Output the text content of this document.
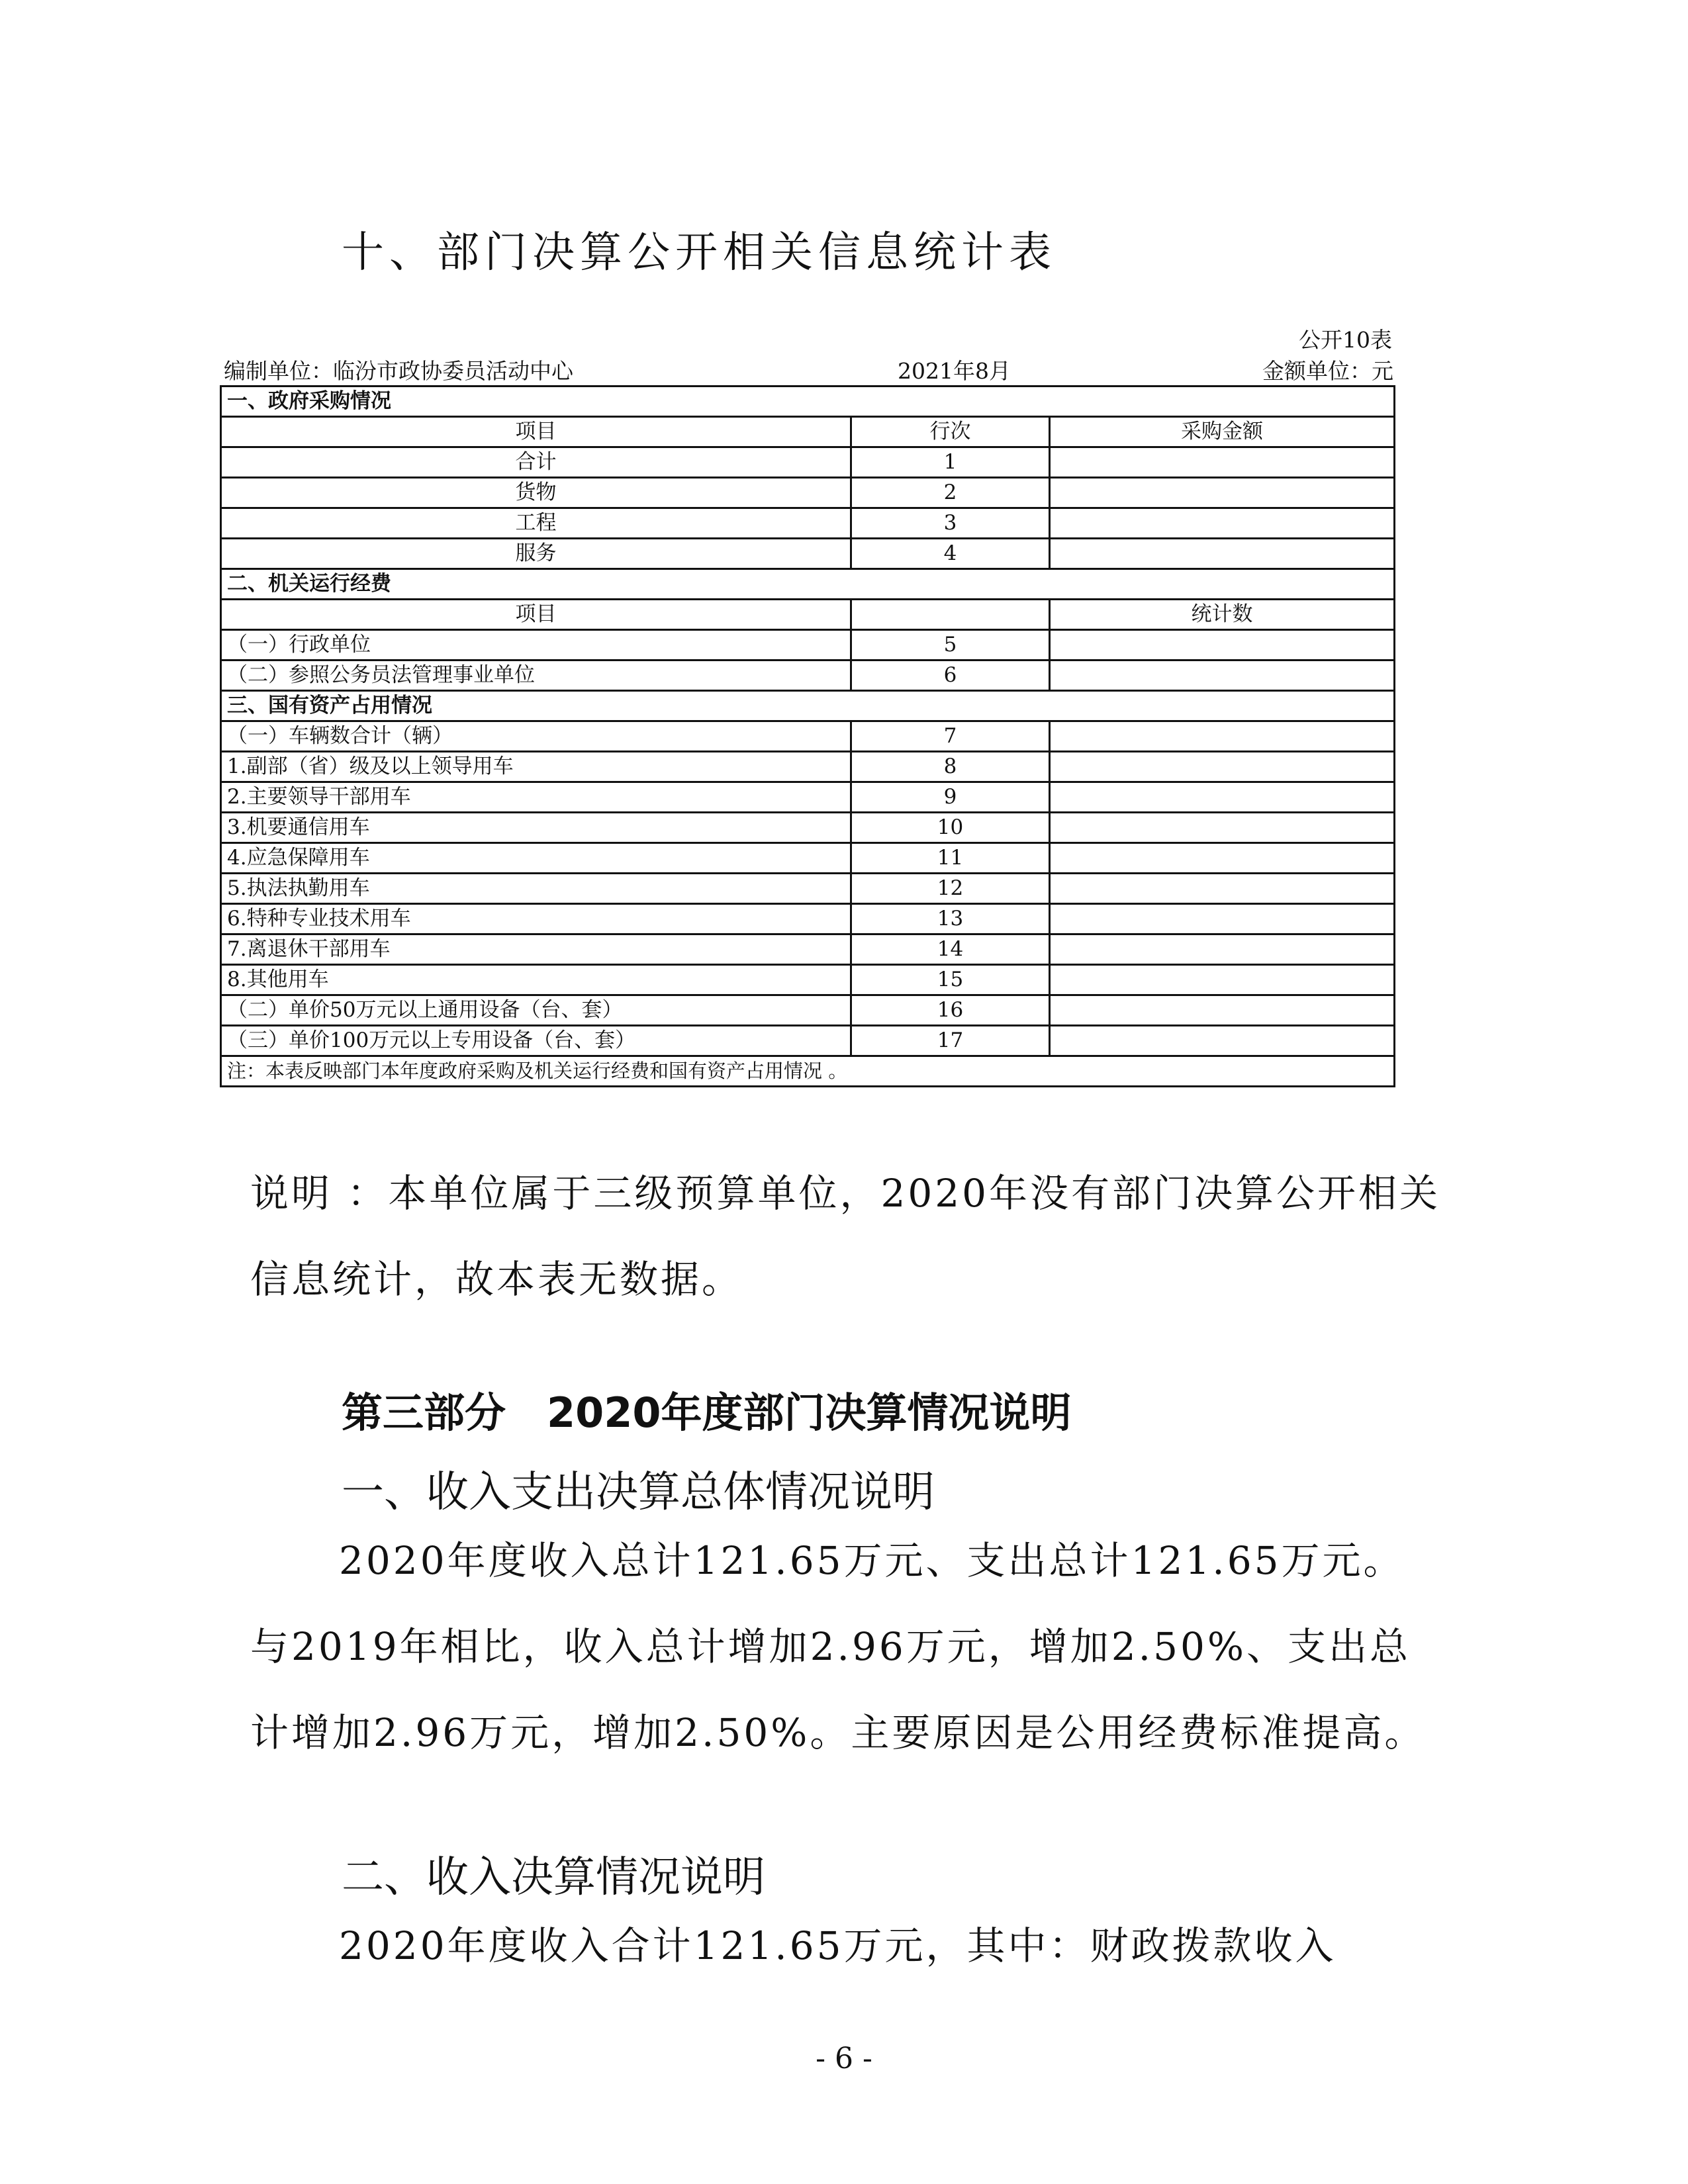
十、部门决算公开相关信息统计表
公开10表
编制单位：临汾市政协委员活动中心	2021年8月	金额单位：元
一、政府采购情况		
项目	行次	采购金额
合计	1	
货物	2	
工程	3	
服务	4	
二、机关运行经费		
项目		统计数
（一）行政单位	5	
（二）参照公务员法管理事业单位	6	
三、国有资产占用情况		
（一）车辆数合计（辆）	7	
1.副部（省）级及以上领导用车	8	
2.主要领导干部用车	9	
3.机要通信用车	10	
4.应急保障用车	11	
5.执法执勤用车	12	
6.特种专业技术用车	13	
7.离退休干部用车	14	
8.其他用车	15	
（二）单价50万元以上通用设备（台、套）	16	
（三）单价100万元以上专用设备（台、套）	17	
注：本表反映部门本年度政府采购及机关运行经费和国有资产占用情况 。		
说明 ：本单位属于三级预算单位，2020年没有部门决算公开相关信息统计，故本表无数据。
第三部分　2020年度部门决算情况说明
一、收入支出决算总体情况说明
2020年度收入总计121.65万元、支出总计121.65万元。与2019年相比，收入总计增加2.96万元，增加2.50%、支出总计增加2.96万元，增加2.50%。主要原因是公用经费标准提高。
二、收入决算情况说明
2020年度收入合计121.65万元，其中：财政拨款收入
- 6 -
